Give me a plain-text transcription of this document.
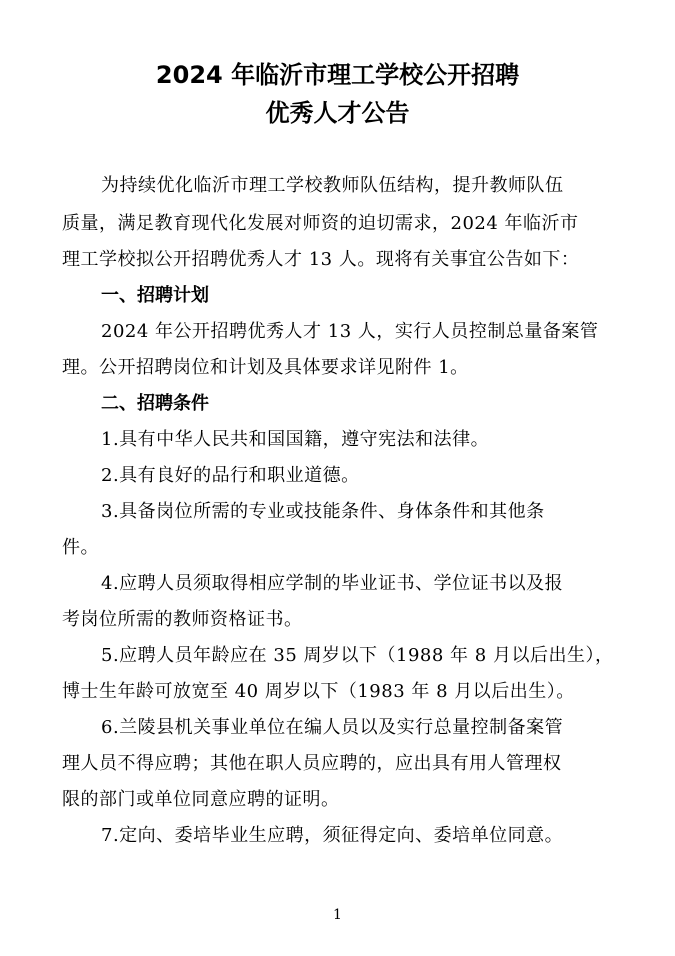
2024 年临沂市理工学校公开招聘
优秀人才公告
为持续优化临沂市理工学校教师队伍结构，提升教师队伍
质量，满足教育现代化发展对师资的迫切需求，2024 年临沂市
理工学校拟公开招聘优秀人才 13 人。现将有关事宜公告如下：
一、招聘计划
2024 年公开招聘优秀人才 13 人，实行人员控制总量备案管
理。公开招聘岗位和计划及具体要求详见附件 1。
二、招聘条件
1.具有中华人民共和国国籍，遵守宪法和法律。
2.具有良好的品行和职业道德。
3.具备岗位所需的专业或技能条件、身体条件和其他条
件。
4.应聘人员须取得相应学制的毕业证书、学位证书以及报
考岗位所需的教师资格证书。
5.应聘人员年龄应在 35 周岁以下（1988 年 8 月以后出生），
博士生年龄可放宽至 40 周岁以下（1983 年 8 月以后出生）。
6.兰陵县机关事业单位在编人员以及实行总量控制备案管
理人员不得应聘；其他在职人员应聘的，应出具有用人管理权
限的部门或单位同意应聘的证明。
7.定向、委培毕业生应聘，须征得定向、委培单位同意。
1
